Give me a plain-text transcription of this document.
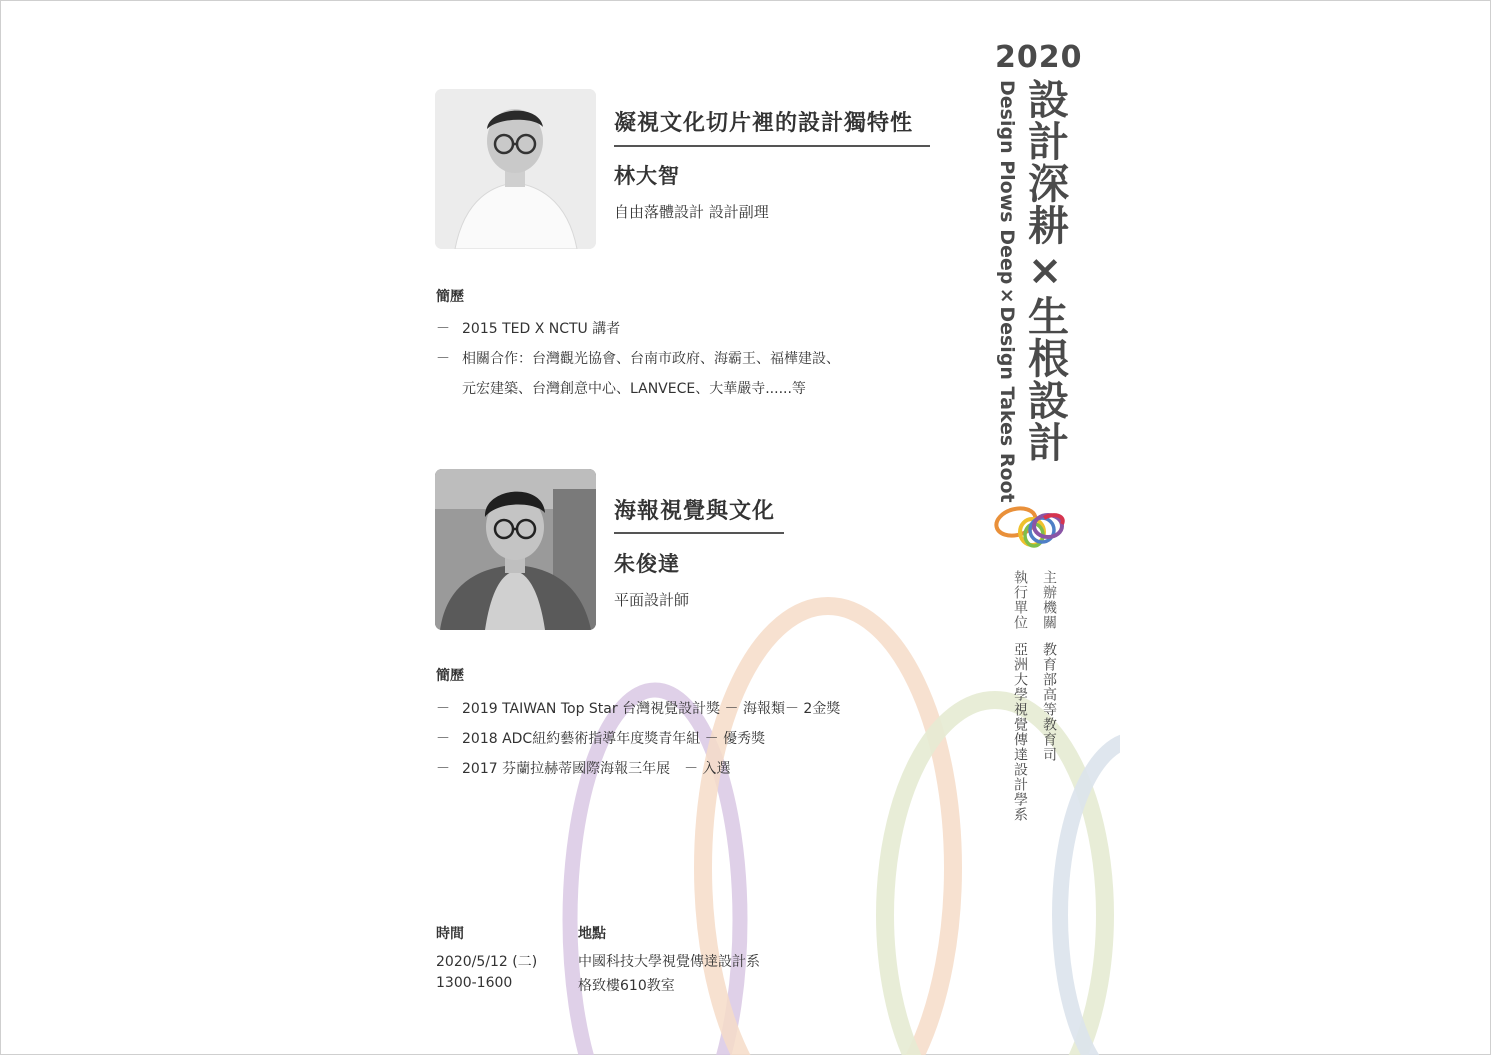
凝視文化切片裡的設計獨特性
林大智
自由落體設計 設計副理
簡歷
－ 2015 TED X NCTU 講者
－ 相關合作：台灣觀光協會、台南市政府、海霸王、福樺建設、
元宏建築、台灣創意中心、LANVECE、大華嚴寺......等
海報視覺與文化
朱俊達
平面設計師
簡歷
－ 2019 TAIWAN Top Star 台灣視覺設計獎 － 海報類－ 2金獎
－ 2018 ADC紐約藝術指導年度獎青年組 － 優秀獎
－ 2017 芬蘭拉赫蒂國際海報三年展　－ 入選
時間
2020/5/12 (二)
1300-1600
地點
中國科技大學視覺傳達設計系
格致樓610教室
2020
設計深耕×生根設計
Design Plows Deep×Design Takes Root
主辦機關
教育部高等教育司
執行單位
亞洲大學視覺傳達設計學系
